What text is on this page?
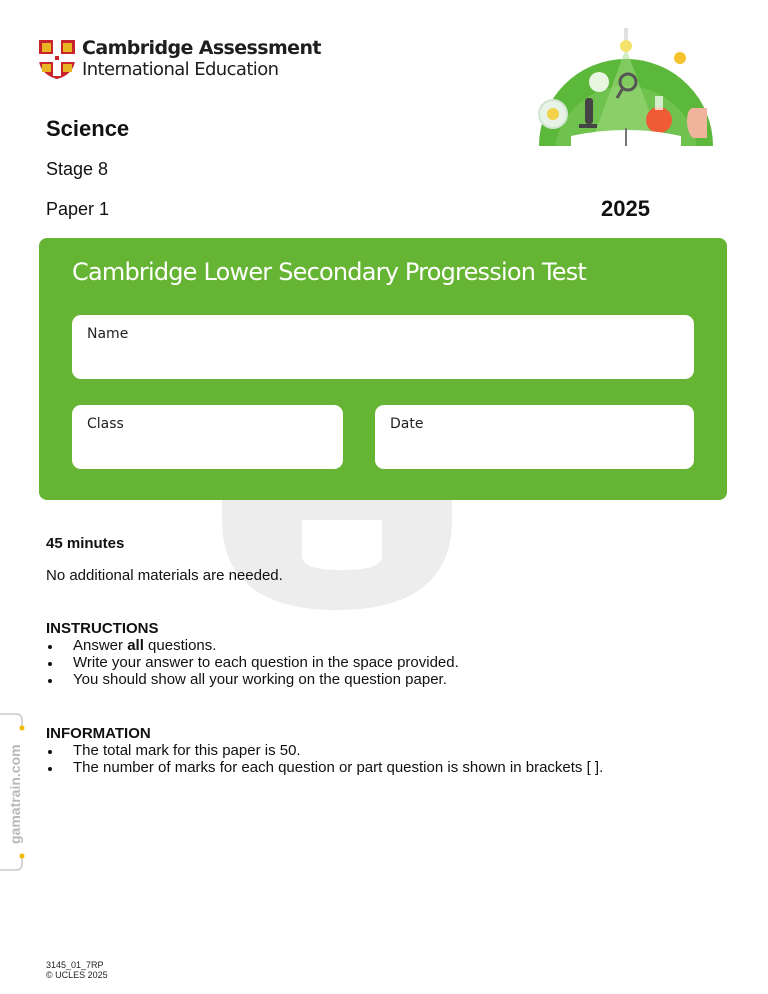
Cambridge Assessment
International Education
Science
Stage 8
Paper 1	2025
Cambridge Lower Secondary Progression Test
Name
Class	Date
45 minutes
No additional materials are needed.
INSTRUCTIONS
Answer all questions.
Write your answer to each question in the space provided.
You should show all your working on the question paper.
INFORMATION
The total mark for this paper is 50.
The number of marks for each question or part question is shown in brackets [ ].
gamatrain.com
3145_01_7RP
© UCLES 2025
